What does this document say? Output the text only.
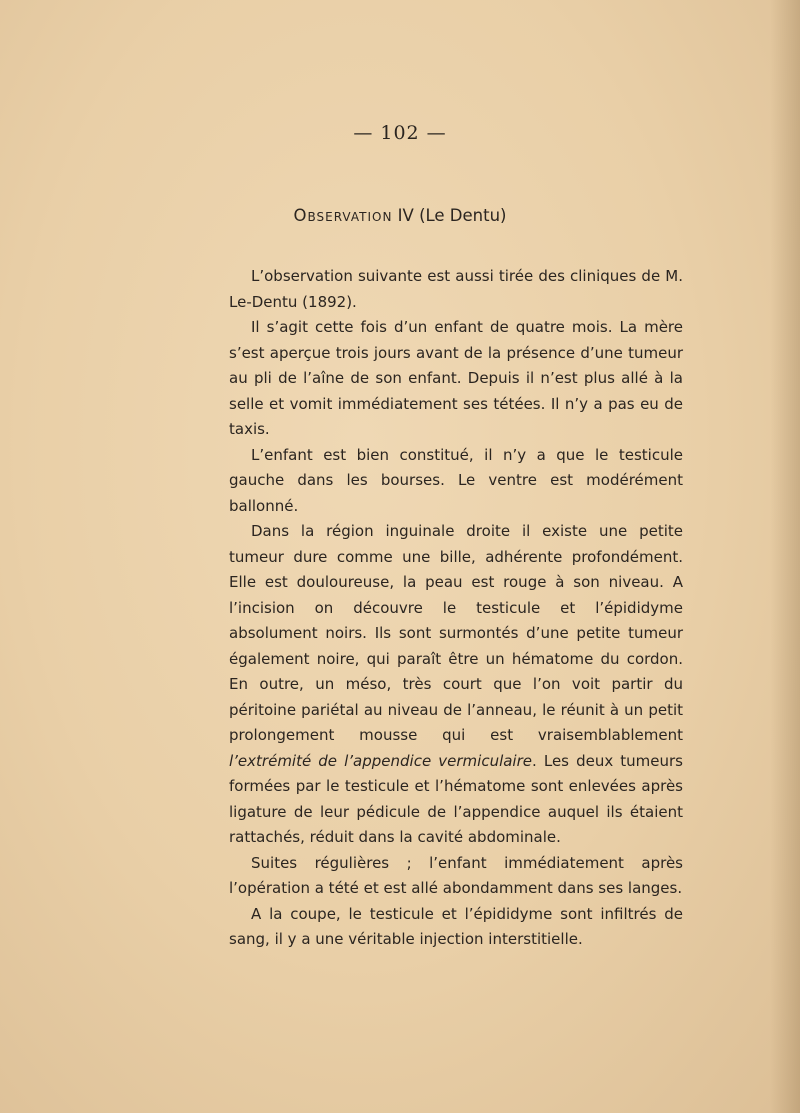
— 102 —
Observation IV (Le Dentu)

L’observation suivante est aussi tirée des cliniques de M. Le-Dentu (1892).

Il s’agit cette fois d’un enfant de quatre mois. La mère s’est aperçue trois jours avant de la présence d’une tumeur au pli de l’aîne de son enfant. Depuis il n’est plus allé à la selle et vomit immédiatement ses tétées. Il n’y a pas eu de taxis.

L’enfant est bien constitué, il n’y a que le testicule gauche dans les bourses. Le ventre est modérément ballonné.

Dans la région inguinale droite il existe une petite tumeur dure comme une bille, adhérente profondément. Elle est douloureuse, la peau est rouge à son niveau. A l’incision on découvre le testicule et l’épididyme absolument noirs. Ils sont surmontés d’une petite tumeur également noire, qui paraît être un hématome du cordon. En outre, un méso, très court que l’on voit partir du péritoine pariétal au niveau de l’anneau, le réunit à un petit prolongement mousse qui est vraisemblablement l’extrémité de l’appendice vermiculaire. Les deux tumeurs formées par le testicule et l’hématome sont enlevées après ligature de leur pédicule de l’appendice auquel ils étaient rattachés, réduit dans la cavité abdominale.

Suites régulières ; l’enfant immédiatement après l’opération a tété et est allé abondamment dans ses langes.

A la coupe, le testicule et l’épididyme sont infiltrés de sang, il y a une véritable injection interstitielle.
